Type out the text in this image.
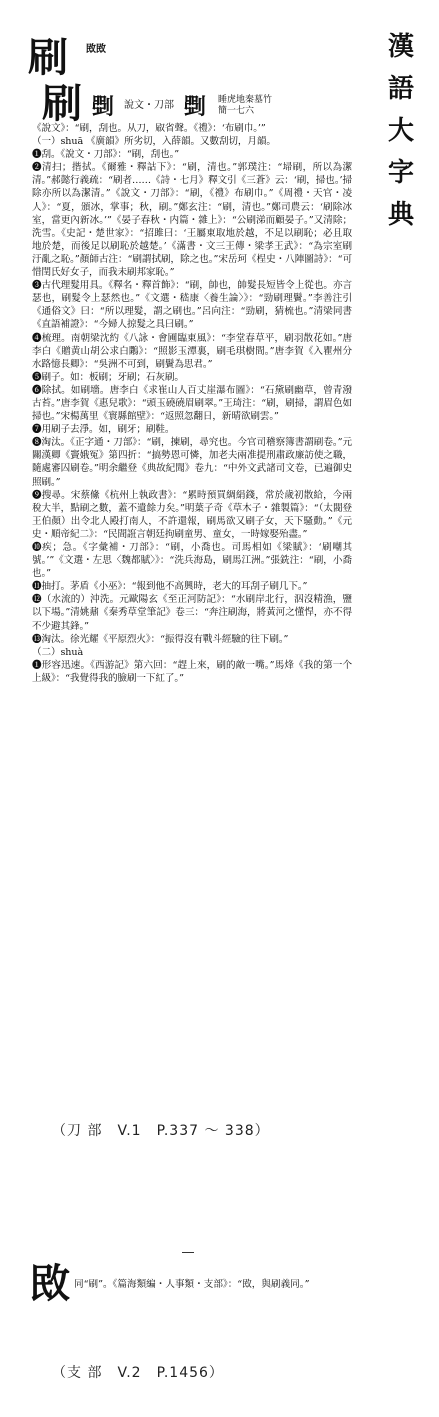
漢
語
大
字
典
刷 敃敃
刷 㓸 說文・刀部 㓸 睡虎地秦墓竹簡一七六

《說文》：“刷，刮也。从刀，㕞省聲。《禮》：‘布刷巾。’”

（一）shuā 《廣韻》所劣切，入薛韻。又數刮切，月韻。

❶刮。《說文・刀部》：“刷，刮也。”

❷清扫；揩拭。《爾雅・釋詁下》：“刷，清也。”郭璞注：“埽刷，所以為潔清。”郝懿行義疏：“刷者……《詩・七月》釋文引《三蒼》云：‘刷，掃也。’掃除亦所以為潔清。”《說文・刀部》：“刷，《禮》布刷巾。”《周禮・天官・凌人》：“夏，頒冰，掌事；秋，刷。”鄭玄注：“刷，清也。”鄭司農云：‘刷除冰室，當更內新冰。’”《晏子春秋・内篇・雜上》：“公刷涕而顧晏子。”又清除；洗雪。《史記・楚世家》：“招雎曰：‘王屬東取地於越，不足以刷恥；必且取地於楚，而後足以刷恥於越楚。’《滿書・文三王傳・梁孝王武》：“為宗室刷汙亂之恥。”顏師古注：“刷謂拭刷，除之也。”宋岳珂《桯史・八陣圖詩》：“可惜閏氏好女子，而我未刷邦家恥。”

❸古代理髮用具。《釋名・釋首飾》：“刷，帥也，帥髮長短皆令上從也。亦言瑟也，刷髮令上瑟然也。”《文選・嵇康〈養生論〉》：“勁刷理鬢。”李善注引《通俗文》曰：“所以理髮，謂之刷也。”呂向注：“勁刷，猜梳也。”清梁同書《直語補證》：“今婦人掠髮之具曰刷。”

❹梳理。南朝梁沈約《八詠・會圃臨東風》：“李堂春草平，刷羽散花如。”唐李白《贈黄山胡公求白鷴》：“照影玉潭裏，刷毛琪樹間。”唐李賀《入瞿州分水路憶長卿》：“吳洲不可到，刷鬢為思君。”

❺刷子。如：板刷；牙刷；石灰刷。

❻除拭。如刷墻。唐李白《求崔山人百丈崖瀑布圖》：“石黛刷幽草，曾青潑古苔。”唐李賀《惠兒歌》：“頭玉磽磽眉刷翠。”王琦注：“刷，刷掃，謂眉色如掃也。”宋楊萬里《寰縣館壁》：“返照忽翻日，新晴欲刷雲。”

❼用刷子去淨。如，刷牙；刷鞋。

❽淘汰。《正字通・刀部》：“刷，揀刷，尋究也。今官司稽察簿書謂刷卷。”元關漢卿《竇娥冤》第四折：“搞勢恩可憐，加老夫兩准提刑肅政廉訪使之職，隨處審囚刷卷。”明余繼登《典故紀聞》卷九：“中外文武諸司文卷，已遍御史照刷。”

❾搜尋。宋蔡絛《杭州上執政書》：“累時預買綢絹錢，常於歲初散給，今兩稅大半，點刷之數，蓋不遺餘力矣。”明葉子奇《草木子・雜製篇》：“（太閥登王伯顏）出令北人殿打南人，不許還報，刷馬欲又刷子女，天下騷動。”《元史・順帝紀二》：“民間誑言朝廷拘刷童男、童女，一時嫁娶殆盡。”

❿疾；急。《字彙補・刀部》：“刷，小喬也。司馬相如《梁賦》：‘刷嘲其號。’”《文選・左思〈魏都賦〉》：“洗兵海島，刷馬江洲。”張銑注：“刷，小喬也。”

⓫抽打。茅盾《小巫》：“報到他不高興時，老大的耳刮子刷几下。”

⓬（水流的）沖洗。元歐陽玄《至正河防記》：“水刷岸北行，泅沒精漁，鹽以下場。”清姚鼐《秦秀草堂筆記》卷三：“奔注刷海，將黃河之懂悍，亦不得不少避其鋒。”

⓭淘汰。徐光耀《平原烈火》：“振得沒有戰斗經驗的往下刷。”

（二）shuà

❶形容迅速。《西游記》第六回：“趕上來，刷的敵一嘴。”馬烽《我的第一个上級》：“我覺得我的臉刷一下紅了。”

（刀 部　V.1　P.337 ～ 338）
敃 同“刷”。《篇海類編・人事類・支部》：“敃，與刷義同。”
（支 部　V.2　P.1456）
